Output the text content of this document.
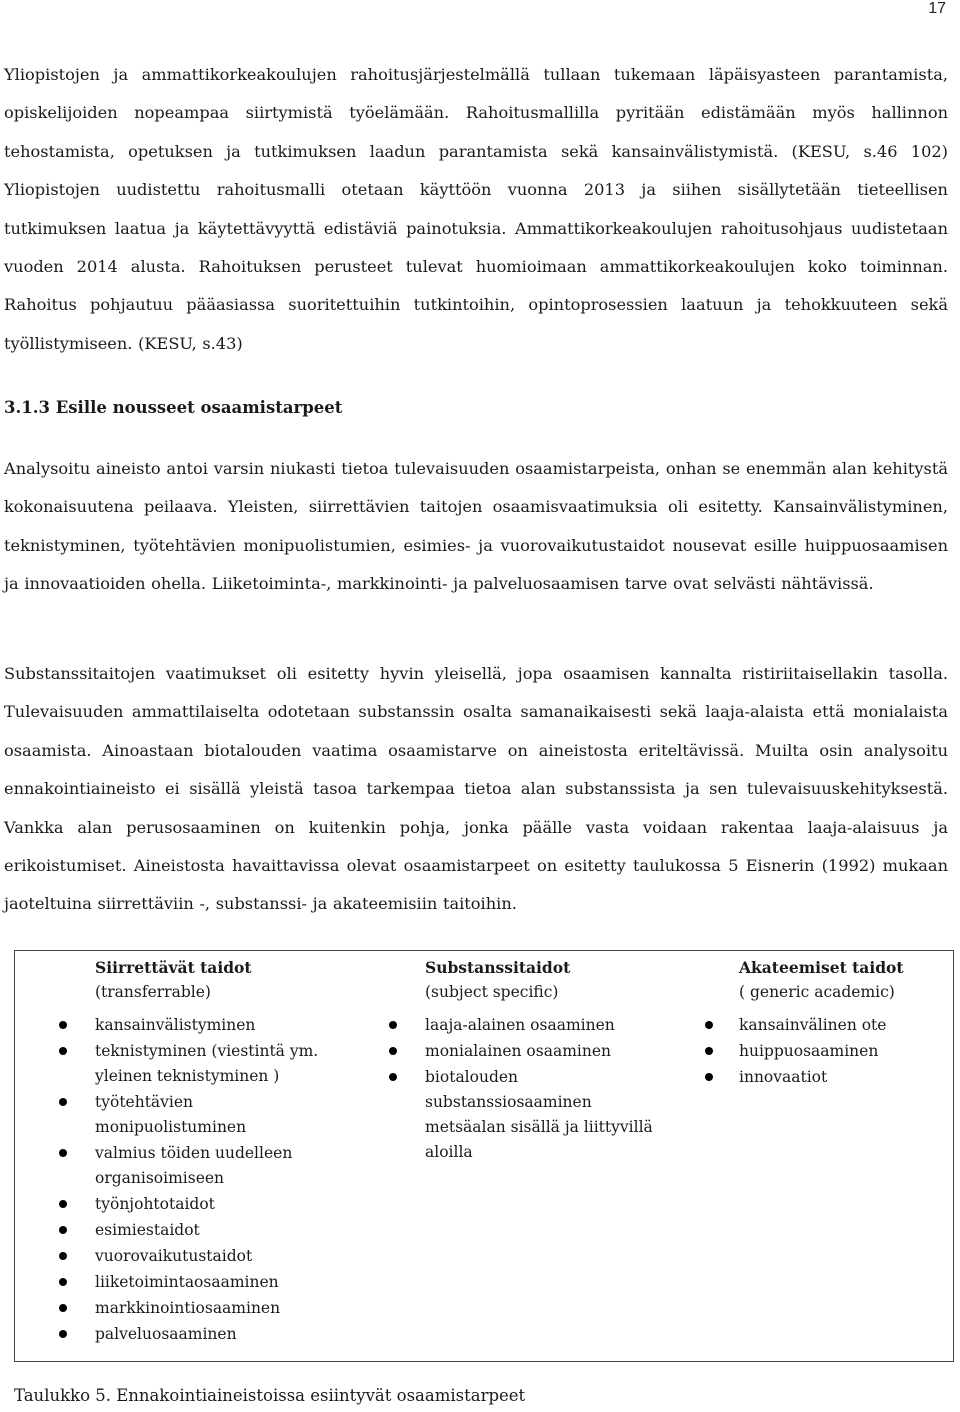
17

Yliopistojen ja ammattikorkeakoulujen rahoitusjärjestelmällä tullaan tukemaan läpäisyasteen parantamista, opiskelijoiden nopeampaa siirtymistä työelämään. Rahoitusmallilla pyritään edistämään myös hallinnon tehostamista, opetuksen ja tutkimuksen laadun parantamista sekä kansainvälistymistä. (KESU, s.46 102) Yliopistojen uudistettu rahoitusmalli otetaan käyttöön vuonna 2013 ja siihen sisällytetään tieteellisen tutkimuksen laatua ja käytettävyyttä edistäviä painotuksia. Ammattikorkeakoulujen rahoitusohjaus uudistetaan vuoden 2014 alusta. Rahoituksen perusteet tulevat huomioimaan ammattikorkeakoulujen koko toiminnan. Rahoitus pohjautuu pääasiassa suoritettuihin tutkintoihin, opintoprosessien laatuun ja tehokkuuteen sekä työllistymiseen. (KESU, s.43)

3.1.3 Esille nousseet osaamistarpeet

Analysoitu aineisto antoi varsin niukasti tietoa tulevaisuuden osaamistarpeista, onhan se enemmän alan kehitystä kokonaisuutena peilaava. Yleisten, siirrettävien taitojen osaamisvaatimuksia oli esitetty. Kansainvälistyminen, teknistyminen, työtehtävien monipuolistumien, esimies- ja vuorovaikutustaidot nousevat esille huippuosaamisen ja innovaatioiden ohella. Liiketoiminta-, markkinointi- ja palveluosaamisen tarve ovat selvästi nähtävissä.

Substanssitaitojen vaatimukset oli esitetty hyvin yleisellä, jopa osaamisen kannalta ristiriitaisellakin tasolla. Tulevaisuuden ammattilaiselta odotetaan substanssin osalta samanaikaisesti sekä laaja-alaista että monialaista osaamista. Ainoastaan biotalouden vaatima osaamistarve on aineistosta eriteltävissä. Muilta osin analysoitu ennakointiaineisto ei sisällä yleistä tasoa tarkempaa tietoa alan substanssista ja sen tulevaisuuskehityksestä. Vankka alan perusosaaminen on kuitenkin pohja, jonka päälle vasta voidaan rakentaa laaja-alaisuus ja erikoistumiset. Aineistosta havaittavissa olevat osaamistarpeet on esitetty taulukossa 5 Eisnerin (1992) mukaan jaoteltuina siirrettäviin -, substanssi- ja akateemisiin taitoihin.

Siirrettävät taidot
(transferrable)
kansainvälistyminen
teknistyminen (viestintä ym. yleinen teknistyminen )
työtehtävien monipuolistuminen
valmius töiden uudelleen organisoimiseen
työnjohtotaidot
esimiestaidot
vuorovaikutustaidot
liiketoimintaosaaminen
markkinointiosaaminen
palveluosaaminen
Substanssitaidot
(subject specific)
laaja-alainen osaaminen
monialainen osaaminen
biotalouden substanssiosaaminen metsäalan sisällä ja liittyvillä aloilla
Akateemiset taidot
( generic academic)
kansainvälinen ote
huippuosaaminen
innovaatiot
Taulukko 5. Ennakointiaineistoissa esiintyvät osaamistarpeet
